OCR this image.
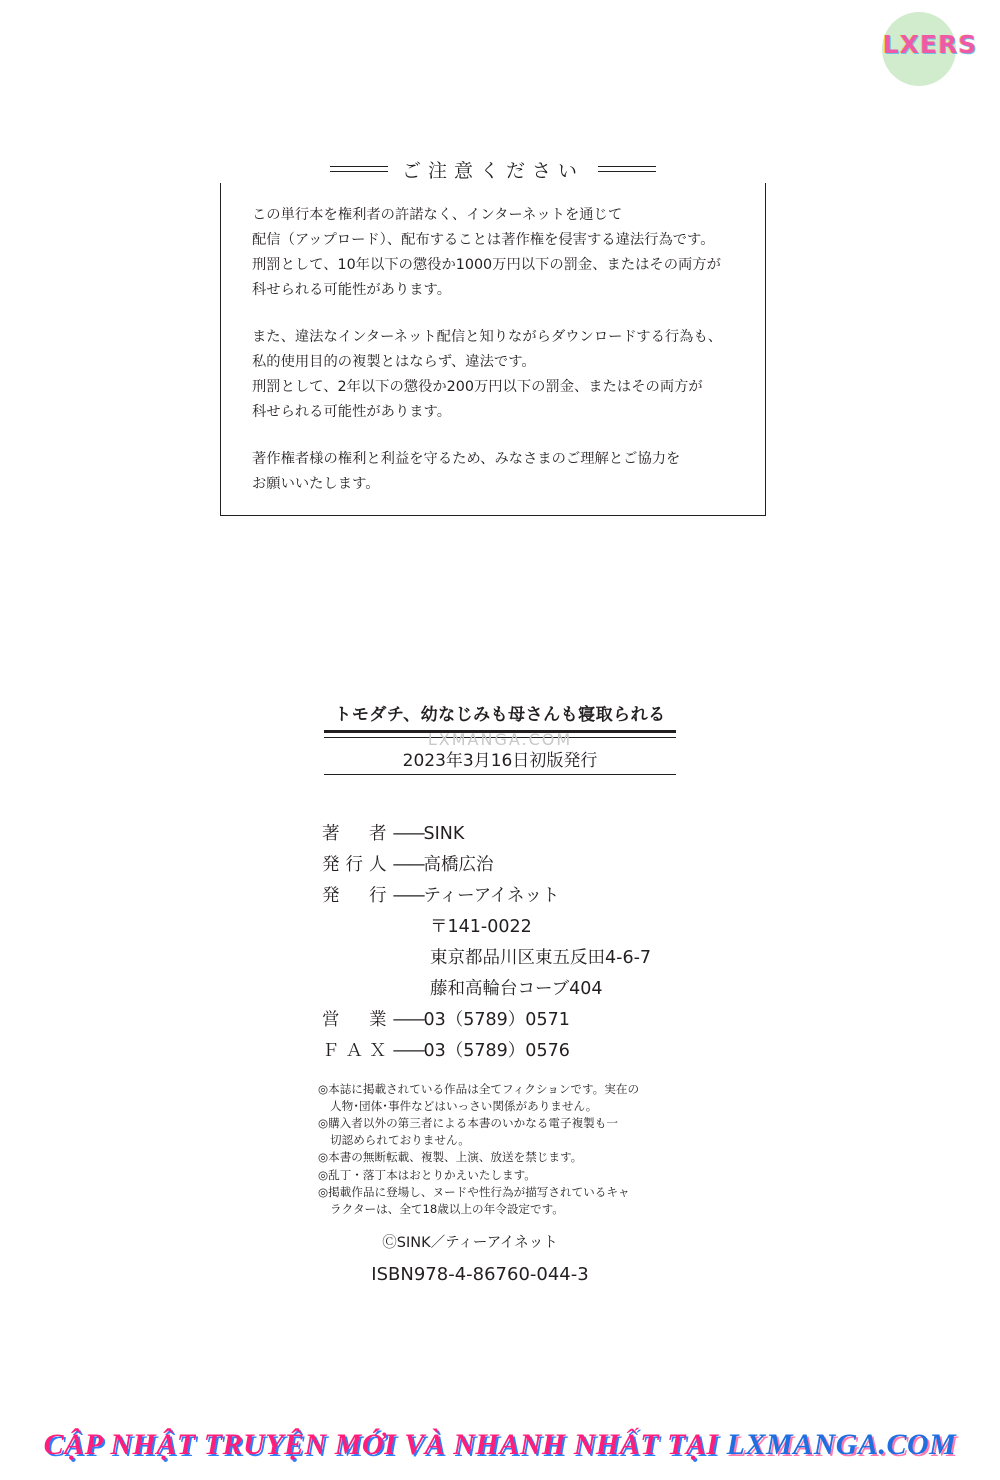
LXERS
ご注意ください

この単行本を権利者の許諾なく、インターネットを通じて
配信（アップロード）、配布することは著作権を侵害する違法行為です。
刑罰として、10年以下の懲役か1000万円以下の罰金、またはその両方が
科せられる可能性があります。

また、違法なインターネット配信と知りながらダウンロードする行為も、
私的使用目的の複製とはならず、違法です。
刑罰として、2年以下の懲役か200万円以下の罰金、またはその両方が
科せられる可能性があります。

著作権者様の権利と利益を守るため、みなさまのご理解とご協力を
お願いいたします。

LXMANGA.COM
トモダチ、幼なじみも母さんも寝取られる
2023年3月16日初版発行
著　者——SINK
発行人——高橋広治
発　行——ティーアイネット
〒141-0022
東京都品川区東五反田4-6-7
藤和高輪台コーブ404
営　業——03（5789）0571
ＦＡＸ——03（5789）0576
◎本誌に掲載されている作品は全てフィクションです。実在の
人物･団体･事件などはいっさい関係がありません。
◎購入者以外の第三者による本書のいかなる電子複製も一
切認められておりません。
◎本書の無断転載、複製、上演、放送を禁じます。
◎乱丁・落丁本はおとりかえいたします。
◎掲載作品に登場し、ヌードや性行為が描写されているキャ
ラクターは、全て18歳以上の年令設定です。
ⒸSINK／ティーアイネット
ISBN978-4-86760-044-3
CẬP NHẬT TRUYỆN MỚI VÀ NHANH NHẤT TẠI LXMANGA.COM
